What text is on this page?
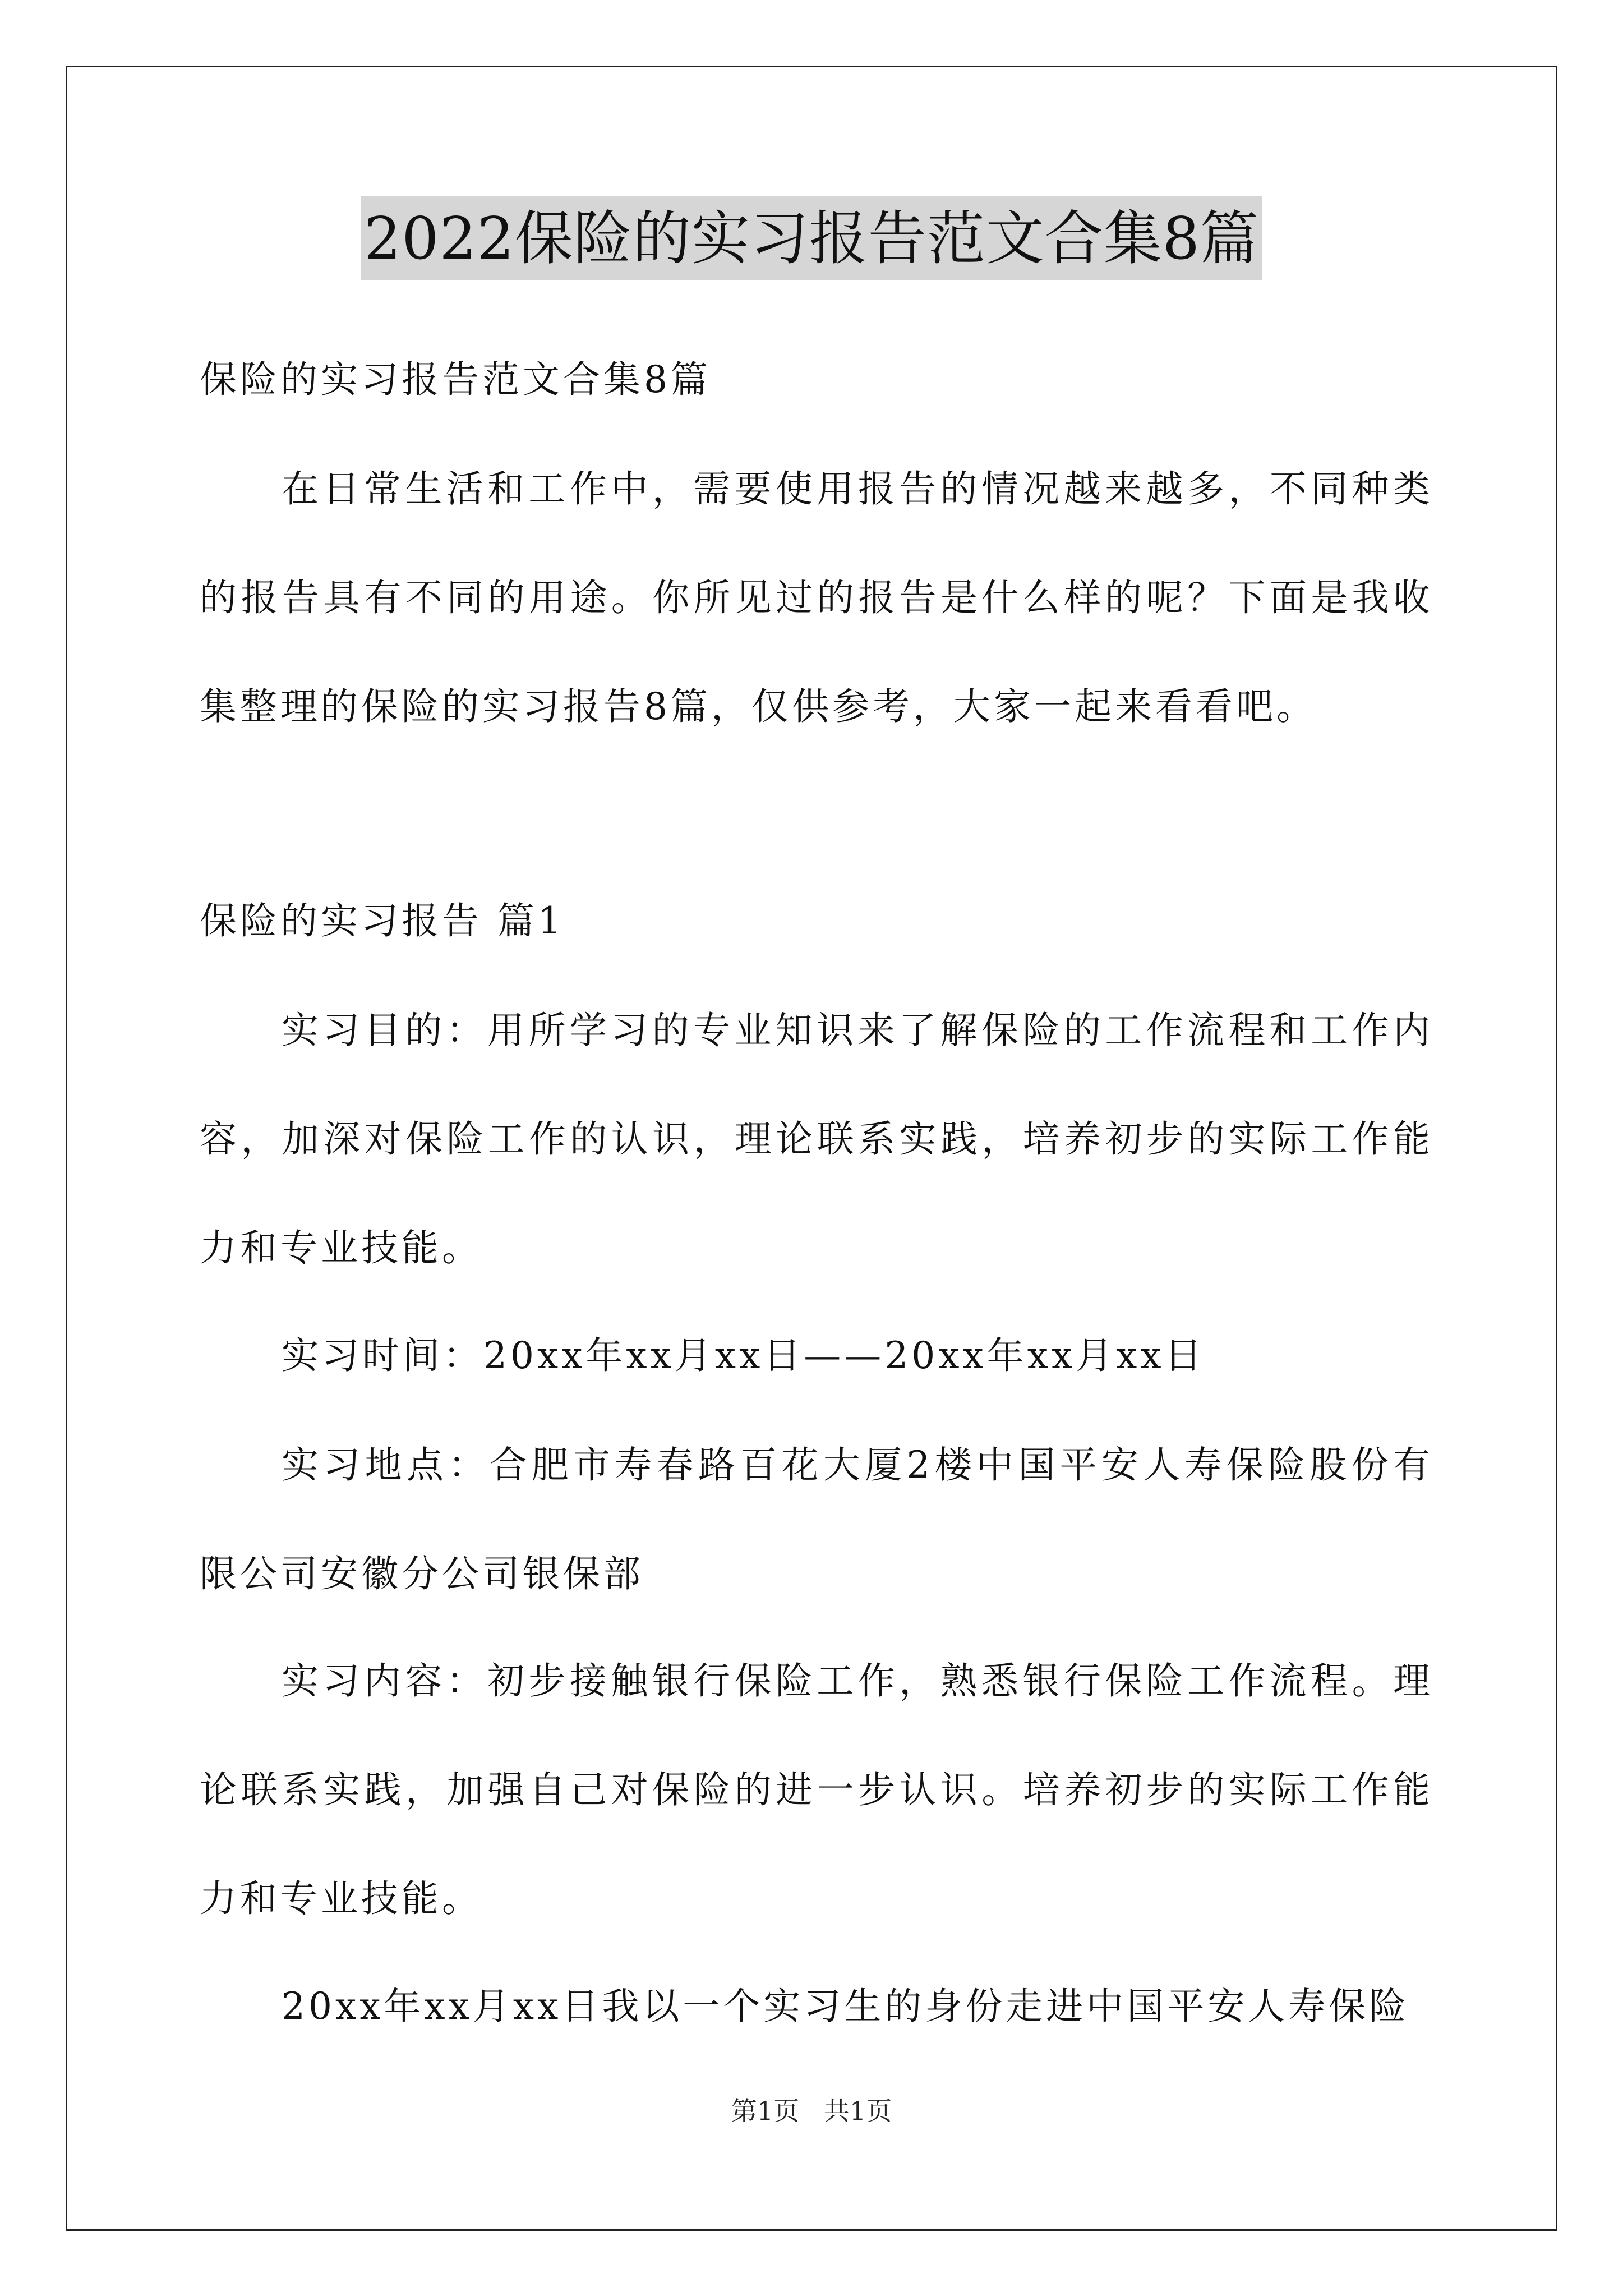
2022保险的实习报告范文合集8篇

保险的实习报告范文合集8篇

在日常生活和工作中，需要使用报告的情况越来越多，不同种类的报告具有不同的用途。你所见过的报告是什么样的呢？下面是我收集整理的保险的实习报告8篇，仅供参考，大家一起来看看吧。

保险的实习报告 篇1

实习目的：用所学习的专业知识来了解保险的工作流程和工作内容，加深对保险工作的认识，理论联系实践，培养初步的实际工作能力和专业技能。

实习时间：20xx年xx月xx日——20xx年xx月xx日

实习地点：合肥市寿春路百花大厦2楼中国平安人寿保险股份有限公司安徽分公司银保部

实习内容：初步接触银行保险工作，熟悉银行保险工作流程。理论联系实践，加强自己对保险的进一步认识。培养初步的实际工作能力和专业技能。

20xx年xx月xx日我以一个实习生的身份走进中国平安人寿保险

第1页   共1页
